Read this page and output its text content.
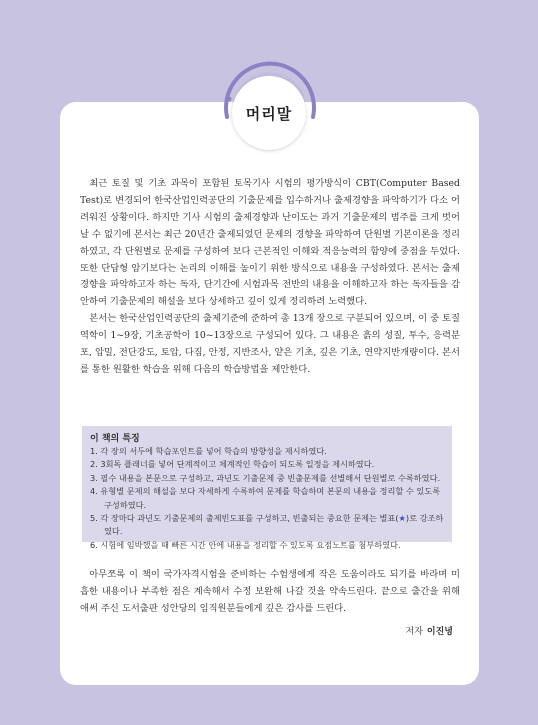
머리말

최근 토질 및 기초 과목이 포함된 토목기사 시험의 평가방식이 CBT(Computer Based Test)로 변경되어 한국산업인력공단의 기출문제를 입수하거나 출제경향을 파악하기가 다소 어려워진 상황이다. 하지만 기사 시험의 출제경향과 난이도는 과거 기출문제의 범주를 크게 벗어날 수 없기에 본서는 최근 20년간 출제되었던 문제의 경향을 파악하여 단원별 기본이론을 정리하였고, 각 단원별로 문제를 구성하여 보다 근본적인 이해와 적응능력의 함양에 중점을 두었다. 또한 단답형 암기보다는 논리의 이해를 높이기 위한 방식으로 내용을 구성하였다. 본서는 출제경향을 파악하고자 하는 독자, 단기간에 시험과목 전반의 내용을 이해하고자 하는 독자들을 감안하여 기출문제의 해설을 보다 상세하고 깊이 있게 정리하려 노력했다.

본서는 한국산업인력공단의 출제기준에 준하여 총 13개 장으로 구분되어 있으며, 이 중 토질역학이 1~9장, 기초공학이 10~13장으로 구성되어 있다. 그 내용은 흙의 성질, 투수, 응력분포, 압밀, 전단강도, 토압, 다짐, 안정, 지반조사, 얕은 기초, 깊은 기초, 연약지반개량이다. 본서를 통한 원활한 학습을 위해 다음의 학습방법을 제안한다.

이 책의 특징
1. 각 장의 서두에 학습포인트를 넣어 학습의 방향성을 제시하였다.
2. 3회독 플래너를 넣어 단계적이고 체계적인 학습이 되도록 일정을 제시하였다.
3. 필수 내용을 본문으로 구성하고, 과년도 기출문제 중 빈출문제를 선별해서 단원별로 수록하였다.
4. 유형별 문제의 해설을 보다 자세하게 수록하여 문제를 학습하며 본문의 내용을 정리할 수 있도록 구성하였다.
5. 각 장마다 과년도 기출문제의 출제빈도표를 구성하고, 빈출되는 중요한 문제는 별표(★)로 강조하였다.
6. 시험에 임박했을 때 빠른 시간 안에 내용을 정리할 수 있도록 요점노트를 첨부하였다.

아무쪼록 이 책이 국가자격시험을 준비하는 수험생에게 작은 도움이라도 되기를 바라며 미흡한 내용이나 부족한 점은 계속해서 수정 보완해 나갈 것을 약속드린다. 끝으로 출간을 위해 애써 주신 도서출판 성안당의 임직원분들에게 깊은 감사를 드린다.

저자 이진녕
